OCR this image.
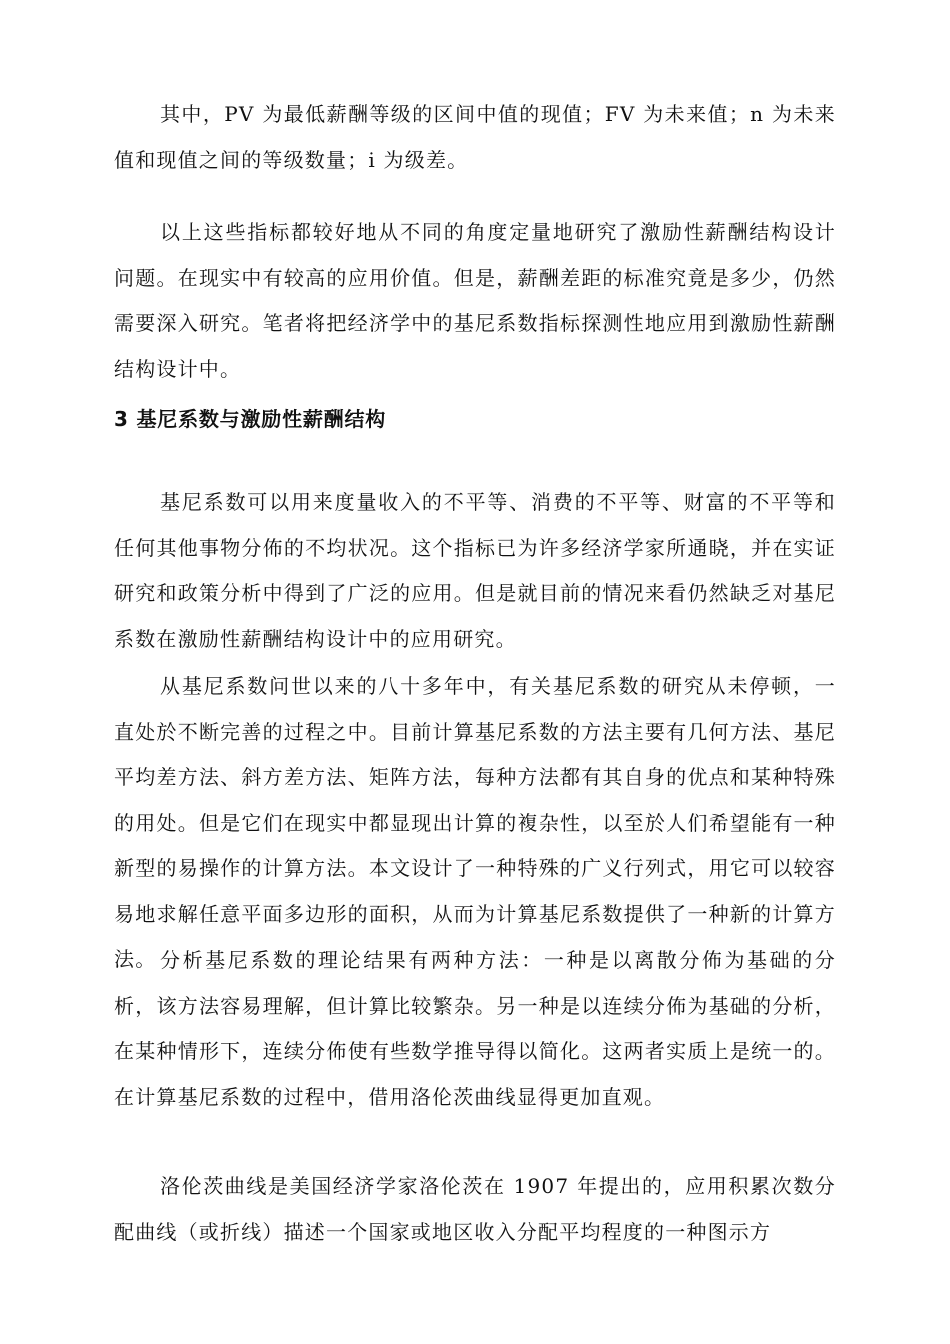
其中，PV 为最低薪酬等级的区间中值的现值；FV 为未来值；n 为未来值和现值之间的等级数量；i 为级差。

以上这些指标都较好地从不同的角度定量地研究了激励性薪酬结构设计问题。在现实中有较高的应用价值。但是，薪酬差距的标准究竟是多少，仍然需要深入研究。笔者将把经济学中的基尼系数指标探测性地应用到激励性薪酬结构设计中。

3 基尼系数与激励性薪酬结构

基尼系数可以用来度量收入的不平等、消费的不平等、财富的不平等和任何其他事物分佈的不均状况。这个指标已为许多经济学家所通晓，并在实证研究和政策分析中得到了广泛的应用。但是就目前的情况来看仍然缺乏对基尼系数在激励性薪酬结构设计中的应用研究。

从基尼系数问世以来的八十多年中，有关基尼系数的研究从未停顿，一直处於不断完善的过程之中。目前计算基尼系数的方法主要有几何方法、基尼平均差方法、斜方差方法、矩阵方法，每种方法都有其自身的优点和某种特殊的用处。但是它们在现实中都显现出计算的複杂性，以至於人们希望能有一种新型的易操作的计算方法。本文设计了一种特殊的广义行列式，用它可以较容易地求解任意平面多边形的面积，从而为计算基尼系数提供了一种新的计算方法。 分析基尼系数的理论结果有两种方法：一种是以离散分佈为基础的分析，该方法容易理解，但计算比较繁杂。另一种是以连续分佈为基础的分析，在某种情形下，连续分佈使有些数学推导得以简化。这两者实质上是统一的。在计算基尼系数的过程中，借用洛伦茨曲线显得更加直观。

洛伦茨曲线是美国经济学家洛伦茨在 1907 年提出的，应用积累次数分配曲线（或折线）描述一个国家或地区收入分配平均程度的一种图示方
